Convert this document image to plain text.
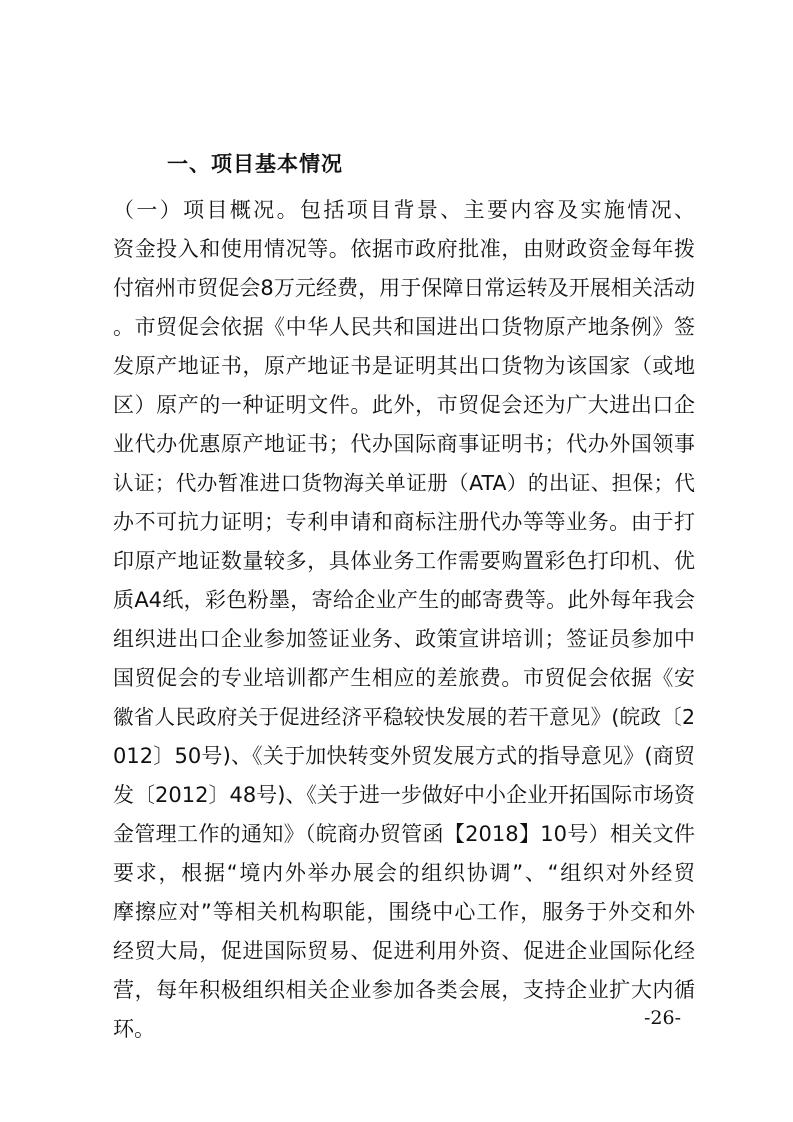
一、项目基本情况
（一）项目概况。包括项目背景、主要内容及实施情况、
资金投入和使用情况等。依据市政府批准，由财政资金每年拨
付宿州市贸促会8万元经费，用于保障日常运转及开展相关活动
。市贸促会依据《中华人民共和国进出口货物原产地条例》签
发原产地证书，原产地证书是证明其出口货物为该国家（或地
区）原产的一种证明文件。此外，市贸促会还为广大进出口企
业代办优惠原产地证书；代办国际商事证明书；代办外国领事
认证；代办暂准进口货物海关单证册（ATA）的出证、担保；代
办不可抗力证明；专利申请和商标注册代办等等业务。由于打
印原产地证数量较多，具体业务工作需要购置彩色打印机、优
质A4纸，彩色粉墨，寄给企业产生的邮寄费等。此外每年我会
组织进出口企业参加签证业务、政策宣讲培训；签证员参加中
国贸促会的专业培训都产生相应的差旅费。市贸促会依据《安
徽省人民政府关于促进经济平稳较快发展的若干意见》(皖政〔2
012〕50号)、《关于加快转变外贸发展方式的指导意见》(商贸
发〔2012〕48号)、《关于进一步做好中小企业开拓国际市场资
金管理工作的通知》（皖商办贸管函【2018】10号）相关文件
要求，根据“境内外举办展会的组织协调”、“组织对外经贸
摩擦应对”等相关机构职能，围绕中心工作，服务于外交和外
经贸大局，促进国际贸易、促进利用外资、促进企业国际化经
营，每年积极组织相关企业参加各类会展，支持企业扩大内循
环。	-26-
